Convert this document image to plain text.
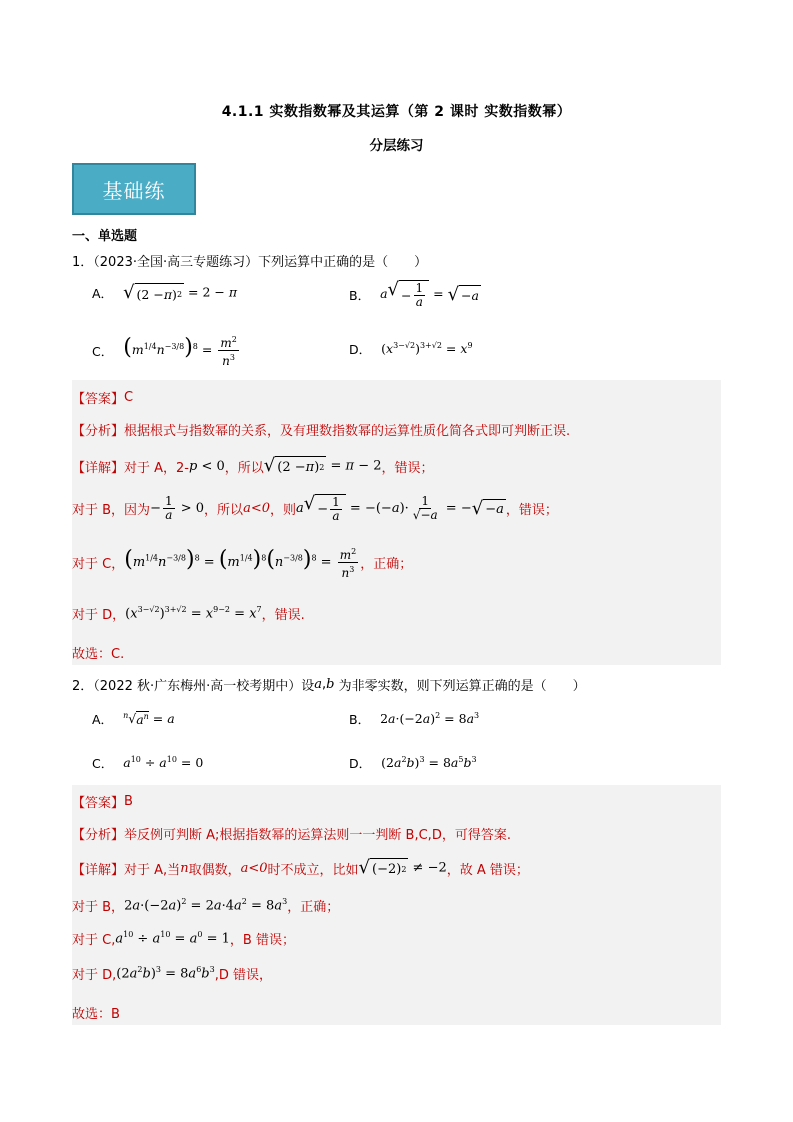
4.1.1 实数指数幂及其运算（第 2 课时 实数指数幂）
分层练习
基础练
一、单选题
1．（2023·全国·高三专题练习）下列运算中正确的是（　　）
A． √ (2 − π ) 2 = 2 − π	B． a √ − $\frac{1}{a}$ = √ − a
C． $(m^{1/4}n^{-3/8})^8 = \frac{m^2}{n^3}$	D． $(x^{3-√2})^{3+√2} = x^9$
【答案】 C
【分析】 根据根式与指数幂的关系，及有理数指数幂的运算性质化简各式即可判断正误.
【详解】 对于 A，2- p < 0 ，所以 √ (2 − π ) 2 = π − 2 ，错误；
对于 B，因为 − $\frac{1}{a} > 0$ ，所以 a<0 ，则 a √ − $\frac{1}{a} = -(-a)\cdot \frac{1}{√-a}$ = − √ − a ，错误；
对于 C， $(m^{1/4}n^{-3/8})^8 = (m^{1/4})^8(n^{-3/8})^8 = \frac{m^2}{n^3}$ ，正确；
对于 D， $(x^{3-√2})^{3+√2} = x^{9-2} = x^7$ ，错误.
故选：C.
2．（2022 秋·广东梅州·高一校考期中）设 a , b
为非零实数，则下列运算正确的是（　　）
A． $^n√a^n = a$	B． $2a\cdot(-2a)^2 = 8a^3$
C． $a^{10} \div a^{10} = 0$	D． $(2a^2b)^3 = 8a^5b^3$
【答案】 B
【分析】 举反例可判断 A;根据指数幂的运算法则一一判断 B,C,D，可得答案.
【详解】 对于 A,当 n 取偶数， a<0 时不成立，比如 √ (−2) 2 ≠ −2 ，故 A 错误；
对于 B， $2a\cdot(-2a)^2 = 2a\cdot 4a^2 = 8a^3$ ，正确；
对于 C, $a^{10} \div a^{10} = a^0 = 1$ ，B 错误；
对于 D, $(2a^2b)^3 = 8a^6b^3$ ,D 错误，
故选：B
